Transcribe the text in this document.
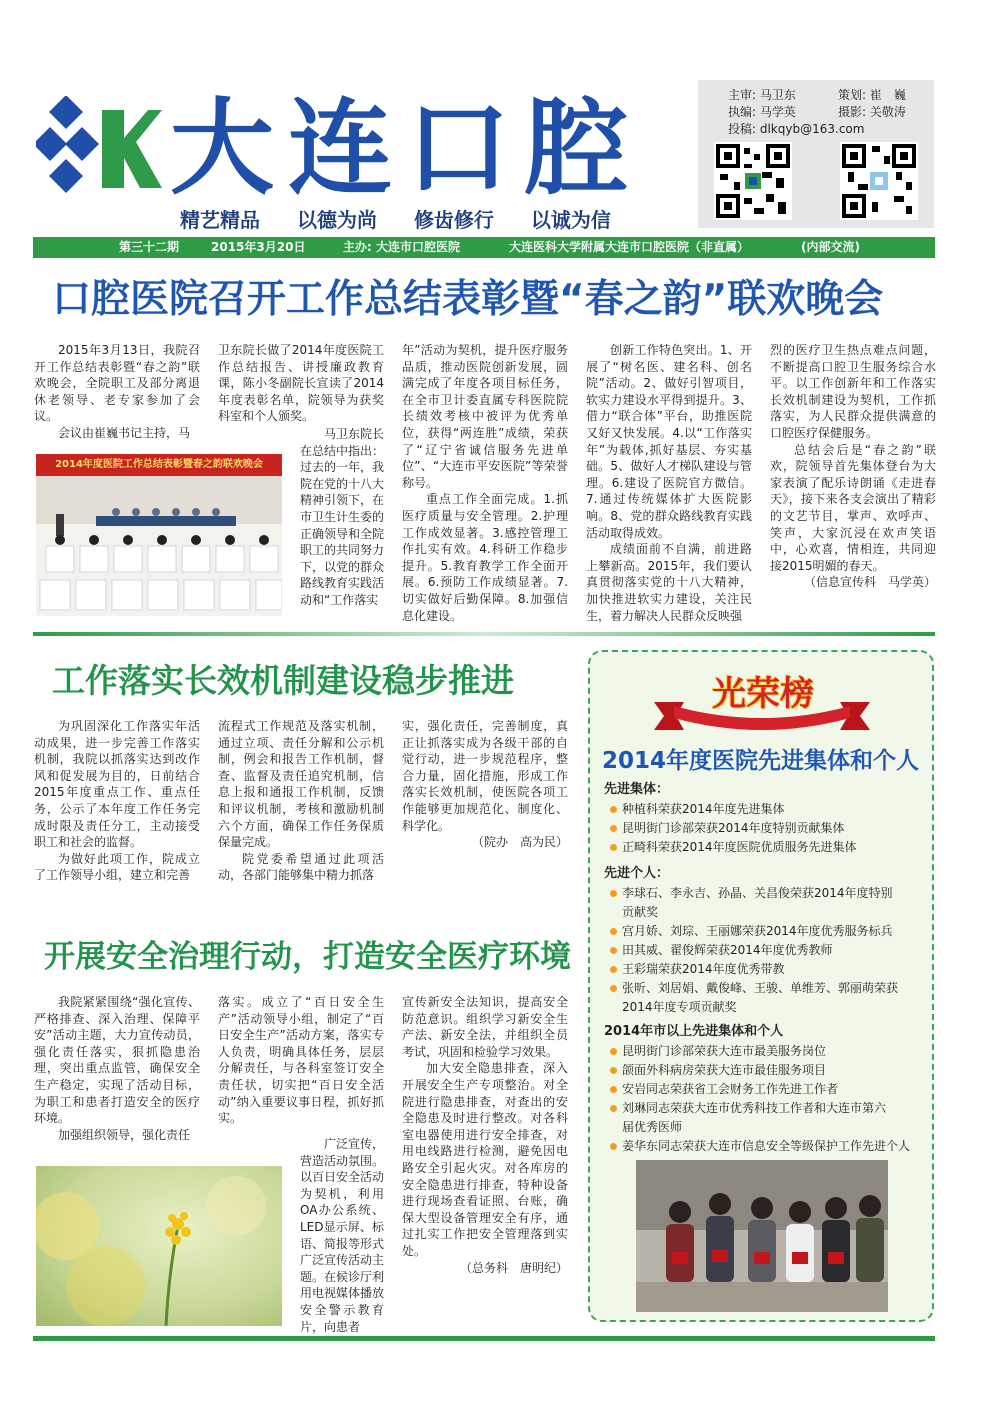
大连口腔
精艺精品 以德为尚 修齿修行 以诚为信
主审: 马卫东	策划: 崔　巍
执编: 马学英	摄影: 关敬涛
投稿: dlkqyb@163.com
第三十二期	2015年3月20日	主办: 大连市口腔医院	大连医科大学附属大连市口腔医院（非直属）	(内部交流)
口腔医院召开工作总结表彰暨“春之韵”联欢晚会

2015年3月13日，我院召开工作总结表彰暨“春之韵”联欢晚会，全院职工及部分离退休老领导、老专家参加了会议。

会议由崔巍书记主持，马

卫东院长做了2014年度医院工作总结报告、讲授廉政教育课，陈小冬副院长宣读了2014年度表彰名单，院领导为获奖科室和个人颁奖。

马卫东院长在总结中指出：过去的一年，我院在党的十八大精神引领下，在市卫生计生委的正确领导和全院职工的共同努力下，以党的群众路线教育实践活动和“工作落实

2014年度医院工作总结表彰暨春之韵联欢晚会

年”活动为契机，提升医疗服务品质，推动医院创新发展，圆满完成了年度各项目标任务，在全市卫计委直属专科医院院长绩效考核中被评为优秀单位，获得“两连胜”成绩，荣获了“辽宁省诚信服务先进单位”、“大连市平安医院”等荣誉称号。

重点工作全面完成。1.抓医疗质量与安全管理。2.护理工作成效显著。3.感控管理工作扎实有效。4.科研工作稳步提升。5.教育教学工作全面开展。6.预防工作成绩显著。7.切实做好后勤保障。8.加强信息化建设。

创新工作特色突出。1、开展了“树名医、建名科、创名院”活动。2、做好引智项目，软实力建设水平得到提升。3、借力“联合体”平台，助推医院又好又快发展。4.以“工作落实年”为载体,抓好基层、夯实基础。5、做好人才梯队建设与管理。6.建设了医院官方微信。7.通过传统媒体扩大医院影响。8、党的群众路线教育实践活动取得成效。

成绩面前不自满，前进路上攀新高。2015年，我们要认真贯彻落实党的十八大精神，加快推进软实力建设，关注民生，着力解决人民群众反映强

烈的医疗卫生热点难点问题，不断提高口腔卫生服务综合水平。以工作创新年和工作落实长效机制建设为契机，工作抓落实，为人民群众提供满意的口腔医疗保健服务。

总结会后是“春之韵”联欢，院领导首先集体登台为大家表演了配乐诗朗诵《走进春天》，接下来各支会演出了精彩的文艺节目，掌声、欢呼声、笑声，大家沉浸在欢声笑语中，心欢喜，情相连，共同迎接2015明媚的春天。

（信息宣传科　马学英）

工作落实长效机制建设稳步推进

为巩固深化工作落实年活动成果，进一步完善工作落实机制，我院以抓落实达到改作风和促发展为目的，日前结合2015年度重点工作、重点任务，公示了本年度工作任务完成时限及责任分工，主动接受职工和社会的监督。

为做好此项工作，院成立了工作领导小组，建立和完善

流程式工作规范及落实机制，通过立项、责任分解和公示机制，例会和报告工作机制，督查、监督及责任追究机制，信息上报和通报工作机制，反馈和评议机制，考核和激励机制六个方面，确保工作任务保质保量完成。

院党委希望通过此项活动，各部门能够集中精力抓落

实，强化责任，完善制度，真正让抓落实成为各级干部的自觉行动，进一步规范程序，整合力量，固化措施，形成工作落实长效机制，使医院各项工作能够更加规范化、制度化、科学化。

（院办　高为民）

开展安全治理行动，打造安全医疗环境

我院紧紧围绕“强化宣传、严格排查、深入治理、保障平安”活动主题，大力宣传动员，强化责任落实，狠抓隐患治理，突出重点监管，确保安全生产稳定，实现了活动目标，为职工和患者打造安全的医疗环境。

加强组织领导，强化责任

落实。成立了“百日安全生产”活动领导小组，制定了“百日安全生产”活动方案，落实专人负责，明确具体任务，层层分解责任，与各科室签订安全责任状，切实把“百日安全活动”纳入重要议事日程，抓好抓实。

广泛宣传，营造活动氛围。以百日安全活动为契机，利用OA办公系统、LED显示屏、标语、简报等形式广泛宣传活动主题。在候诊厅利用电视媒体播放安全警示教育片，向患者

宣传新安全法知识，提高安全防范意识。组织学习新安全生产法、新安全法，并组织全员考试，巩固和检验学习效果。

加大安全隐患排查，深入开展安全生产专项整治。对全院进行隐患排查，对查出的安全隐患及时进行整改。对各科室电器使用进行安全排查，对用电线路进行检测，避免因电路安全引起火灾。对各库房的安全隐患进行排查，特种设备进行现场查看证照、台账，确保大型设备管理安全有序，通过扎实工作把安全管理落到实处。

（总务科　唐明纪）

光荣榜
2014年度医院先进集体和个人
先进集体：
种植科荣获2014年度先进集体
昆明街门诊部荣获2014年度特别贡献集体
正畸科荣获2014年度医院优质服务先进集体
先进个人：
李球石、李永吉、孙晶、关昌俊荣获2014年度特别贡献奖
宫月娇、刘琮、王丽娜荣获2014年度优秀服务标兵
田其威、翟俊辉荣获2014年度优秀教师
王彩瑞荣获2014年度优秀带教
张昕、刘居娟、戴俊峰、王骏、单维芳、郭丽萌荣获2014年度专项贡献奖
2014年市以上先进集体和个人
昆明街门诊部荣获大连市最美服务岗位
颌面外科病房荣获大连市最佳服务项目
安岩同志荣获省工会财务工作先进工作者
刘琳同志荣获大连市优秀科技工作者和大连市第六届优秀医师
姜华东同志荣获大连市信息安全等级保护工作先进个人
